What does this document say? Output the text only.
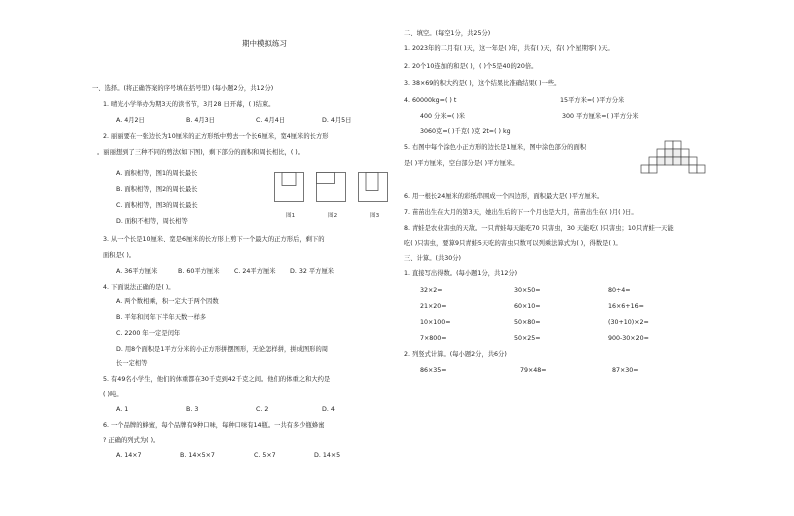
期中模拟练习
一、选择。(将正确答案的序号填在括号里) (每小题2分，共12分)
1. 晴光小学举办为期3天的读书节，3月28 日开幕，( )结束。
A. 4月2日	B. 4月3日	C. 4月4日	D. 4月5日
2. 丽丽要在一张边长为10厘米的正方形纸中剪去一个长6厘米，宽4厘米的长方形
。丽丽想到了三种不同的剪法(如下图)，剩下部分的面积和周长相比，( )。
A. 面积相等，图1的周长最长
B. 面积相等，图2的周长最长
C. 面积相等，图3的周长最长
D. 面积不相等，周长相等
图1	图2	图3
3. 从一个长是10厘米、宽是6厘米的长方形上剪下一个最大的正方形后，剩下的
面积是( )。
A. 36平方厘米	B. 60平方厘米 C. 24平方厘米 D. 32 平方厘米
4. 下面说法正确的是( )。
A. 两个数相乘，积一定大于两个因数
B. 平年和闰年下半年天数一样多
C. 2200 年一定是闰年
D. 用8个面积是1平方分米的小正方形拼摆图形，无论怎样拼，拼成图形的周
长一定相等
5. 有49名小学生，他们的体重都在30千克到42千克之间。他们的体重之和大约是
( )吨。
A. 1	B. 3	C. 2	D. 4
6. 一个品牌的蜂蜜，每个品牌有9种口味，每种口味有14瓶。一共有多少瓶蜂蜜
? 正确的列式为( )。
A. 14×7	B. 14×5×7	C. 5×7	D. 14×5
二、填空。(每空1分，共25分)
1. 2023年的二月有( )天，这一年是( )年，共有( )天，有( )个星期零( )天。
2. 20个10连加的和是( )，( )个5是40的20倍。
3. 38×69的积大约是( )，这个结果比准确结果( )一些。
4. 60000kg=( ) t	15平方米=( )平方分米
400 分米=( )米	300 平方厘米=( )平方分米
3060克=( )千克( )克 2t=( ) kg
5. 右图中每个涂色小正方形的边长是1厘米，图中涂色部分的面积
是( )平方厘米，空白部分是( )平方厘米。
6. 用一根长24厘米的彩纸串围成一个四边形，面积最大是( )平方厘米。
7. 苗苗出生在大月的第3天，她出生后的下一个月也是大月，苗苗出生在( )月( )日。
8. 青蛙是农业害虫的天敌。一只青蛙每天能吃70 只害虫，30 天能吃( )只害虫；10只青蛙一天能
吃( )只害虫，要算9只青蛙5天吃的害虫只数可以列乘法算式为( )，得数是( )。
三、计算。(共30分)
1. 直接写出得数。(每小题1分，共12分)
32×2=	30×50=	80÷4=
21×20=	60×10=	16×6+16=
10×100=	50×80=	(30+10)×2=
7×800=	50×25=	900-30×20=
2. 列竖式计算。(每小题2分，共6分)
86×35=	79×48=	87×30=
